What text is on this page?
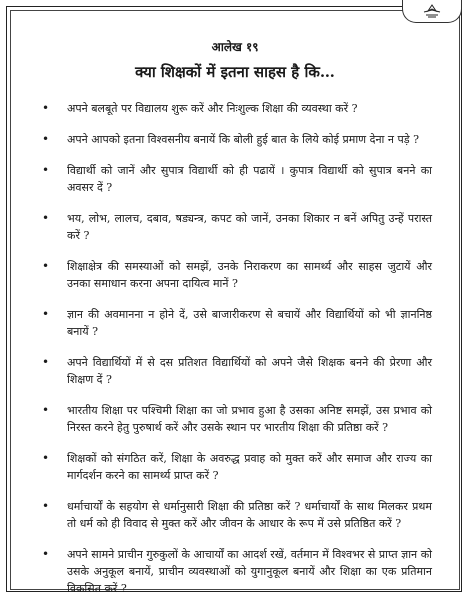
आलेख १९
क्या शिक्षकों में इतना साहस है कि…
• अपने बलबूते पर विद्यालय शुरू करें और निःशुल्क शिक्षा की व्यवस्था करें ?
• अपने आपको इतना विश्वसनीय बनायें कि बोली हुई बात के लिये कोई प्रमाण देना न पड़े ?
• विद्यार्थी को जानें और सुपात्र विद्यार्थी को ही पढायें । कुपात्र विद्यार्थी को सुपात्र बनने का अवसर दें ?
• भय, लोभ, लालच, दबाव, षड्यन्त्र, कपट को जानें, उनका शिकार न बनें अपितु उन्हें परास्त करें ?
• शिक्षाक्षेत्र की समस्याओं को समझें, उनके निराकरण का सामर्थ्य और साहस जुटायें और उनका समाधान करना अपना दायित्व मानें ?
• ज्ञान की अवमानना न होने दें, उसे बाजारीकरण से बचायें और विद्यार्थियों को भी ज्ञाननिष्ठ बनायें ?
• अपने विद्यार्थियों में से दस प्रतिशत विद्यार्थियों को अपने जैसे शिक्षक बनने की प्रेरणा और शिक्षण दें ?
• भारतीय शिक्षा पर पश्चिमी शिक्षा का जो प्रभाव हुआ है उसका अनिष्ट समझें, उस प्रभाव को निरस्त करने हेतु पुरुषार्थ करें और उसके स्थान पर भारतीय शिक्षा की प्रतिष्ठा करें ?
• शिक्षकों को संगठित करें, शिक्षा के अवरुद्ध प्रवाह को मुक्त करें और समाज और राज्य का मार्गदर्शन करने का सामर्थ्य प्राप्त करें ?
• धर्माचार्यों के सहयोग से धर्मानुसारी शिक्षा की प्रतिष्ठा करें ? धर्माचार्यों के साथ मिलकर प्रथम तो धर्म को ही विवाद से मुक्त करें और जीवन के आधार के रूप में उसे प्रतिष्ठित करें ?
• अपने सामने प्राचीन गुरुकुलों के आचार्यों का आदर्श रखें, वर्तमान में विश्वभर से प्राप्त ज्ञान को उसके अनुकूल बनायें, प्राचीन व्यवस्थाओं को युगानुकूल बनायें और शिक्षा का एक प्रतिमान विकसित करें ?
